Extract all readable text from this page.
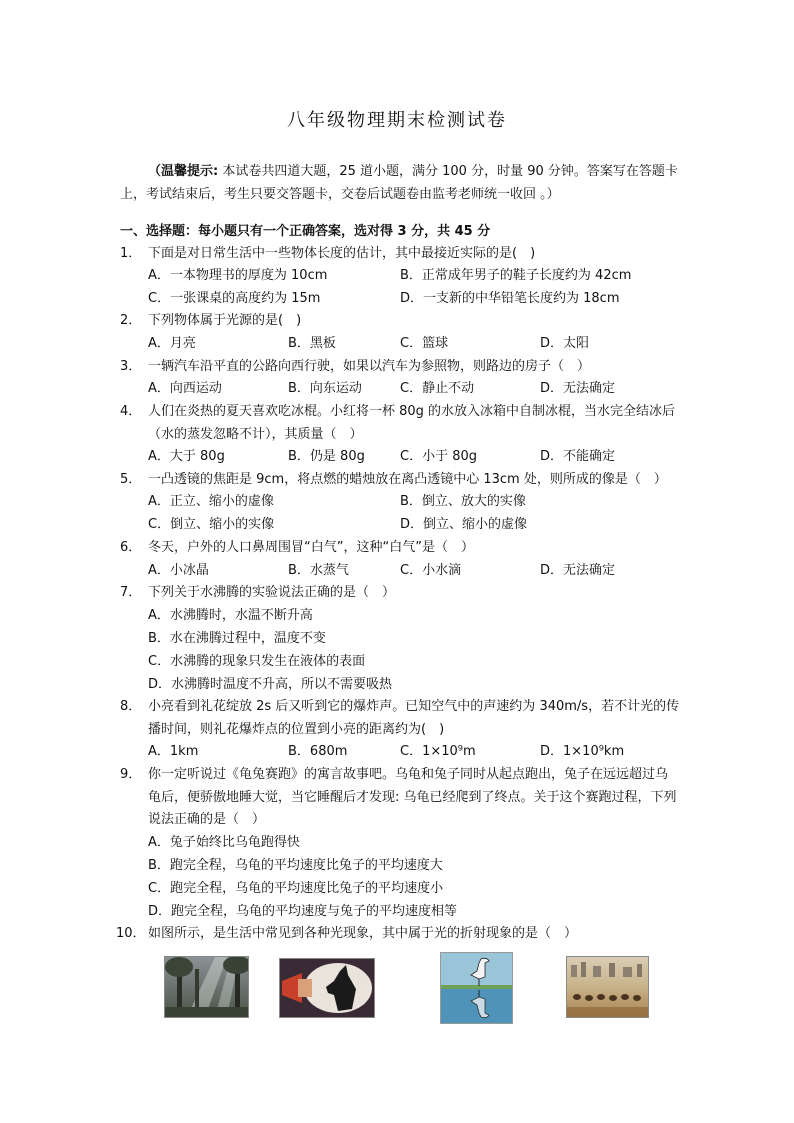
八年级物理期末检测试卷
（温馨提示: 本试卷共四道大题，25 道小题，满分 100 分，时量 90 分钟。答案写在答题卡上，考试结束后，考生只要交答题卡，交卷后试题卷由监考老师统一收回 。）
一、选择题：每小题只有一个正确答案，选对得 3 分，共 45 分
1． 下面是对日常生活中一些物体长度的估计，其中最接近实际的是(　)
A．一本物理书的厚度为 10cm	B．正常成年男子的鞋子长度约为 42cm
C．一张课桌的高度约为 15m	D．一支新的中华铅笔长度约为 18cm
2． 下列物体属于光源的是(　)
A．月亮	B．黑板	C．篮球	D．太阳
3． 一辆汽车沿平直的公路向西行驶，如果以汽车为参照物，则路边的房子（　）
A．向西运动	B．向东运动	C．静止不动	D．无法确定
4． 人们在炎热的夏天喜欢吃冰棍。小红将一杯 80g 的水放入冰箱中自制冰棍，当水完全结冰后（水的蒸发忽略不计），其质量（　）
A．大于 80g	B．仍是 80g	C．小于 80g	D．不能确定
5． 一凸透镜的焦距是 9cm，将点燃的蜡烛放在离凸透镜中心 13cm 处，则所成的像是（　）
A．正立、缩小的虚像	B．倒立、放大的实像
C．倒立、缩小的实像	D．倒立、缩小的虚像
6． 冬天，户外的人口鼻周围冒“白气”，这种“白气”是（　）
A．小冰晶	B．水蒸气	C．小水滴	D．无法确定
7． 下列关于水沸腾的实验说法正确的是（　）
A．水沸腾时，水温不断升高
B．水在沸腾过程中，温度不变
C．水沸腾的现象只发生在液体的表面
D．水沸腾时温度不升高，所以不需要吸热
8． 小亮看到礼花绽放 2s 后又听到它的爆炸声。已知空气中的声速约为 340m/s，若不计光的传播时间，则礼花爆炸点的位置到小亮的距离约为(　)
A．1km	B．680m	C．1×10⁹m	D．1×10⁹km
9． 你一定听说过《龟兔赛跑》的寓言故事吧。乌龟和兔子同时从起点跑出，兔子在远远超过乌龟后，便骄傲地睡大觉，当它睡醒后才发现: 乌龟已经爬到了终点。关于这个赛跑过程，下列说法正确的是（　）
A．兔子始终比乌龟跑得快
B．跑完全程，乌龟的平均速度比兔子的平均速度大
C．跑完全程，乌龟的平均速度比兔子的平均速度小
D．跑完全程，乌龟的平均速度与兔子的平均速度相等
10． 如图所示，是生活中常见到各种光现象，其中属于光的折射现象的是（　）
